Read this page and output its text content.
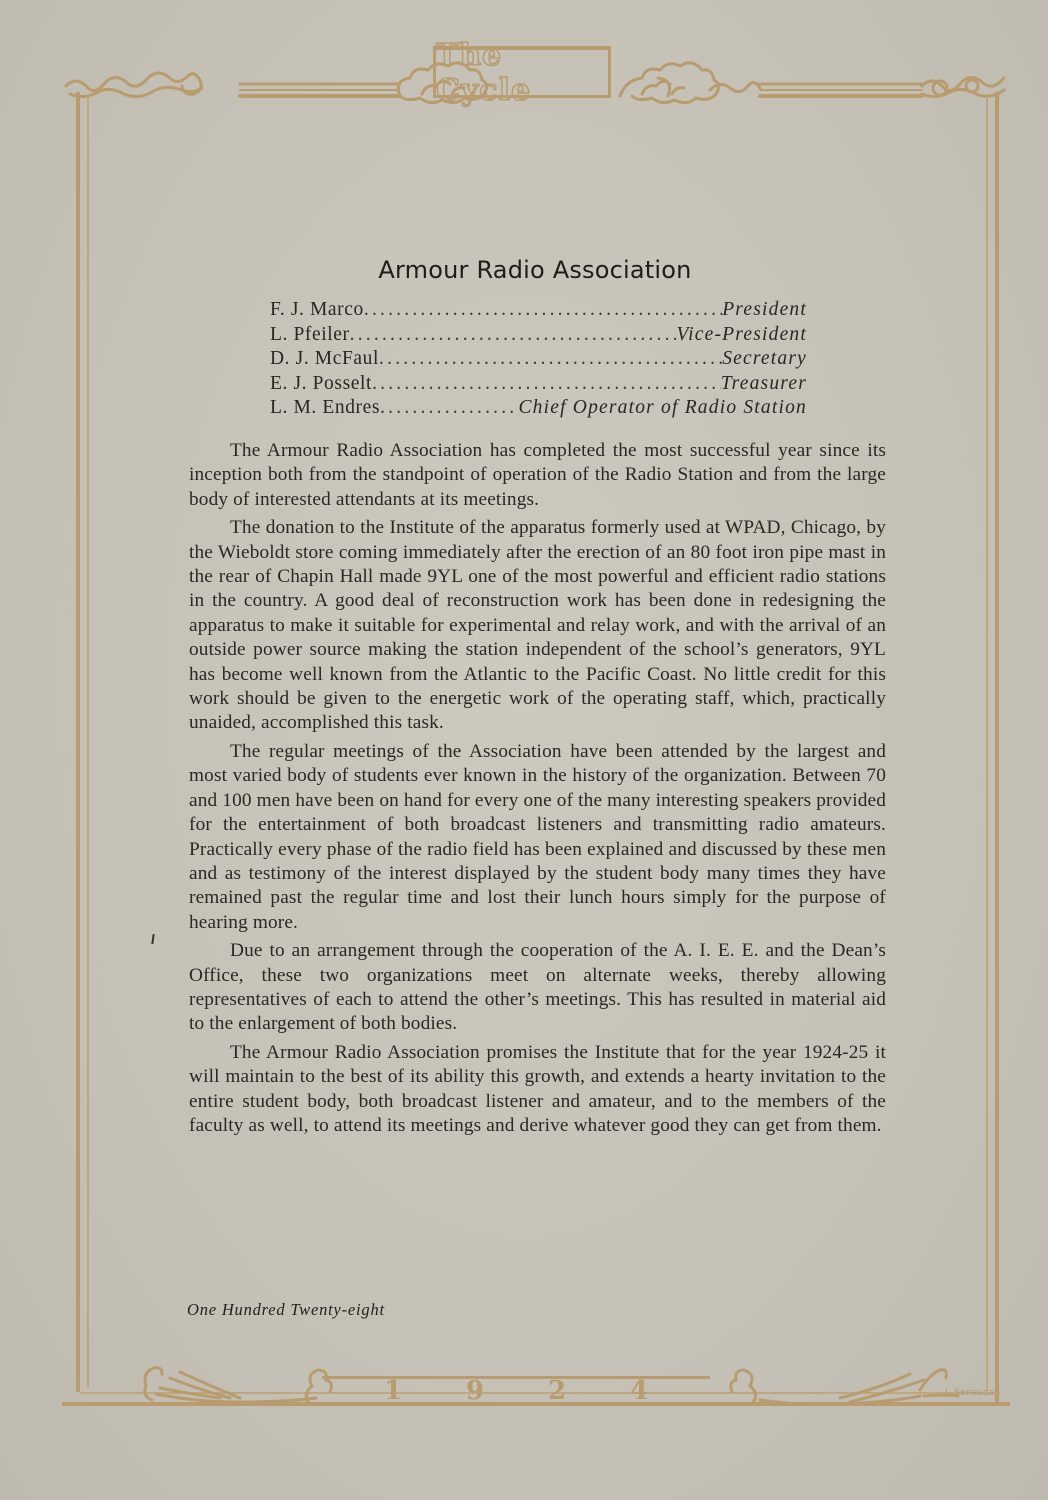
The Cycle
1 9 2 4	J. Senescall
Armour Radio Association
F. J. Marco .....	President
L. Pfeiler .....	Vice-President
D. J. McFaul .....	Secretary
E. J. Posselt .....	Treasurer
L. M. Endres .....	Chief Operator of Radio Station

The Armour Radio Association has completed the most successful year since its inception both from the standpoint of operation of the Radio Station and from the large body of interested attendants at its meetings.

The donation to the Institute of the apparatus formerly used at WPAD, Chicago, by the Wieboldt store coming immediately after the erection of an 80 foot iron pipe mast in the rear of Chapin Hall made 9YL one of the most powerful and efficient radio stations in the country. A good deal of reconstruction work has been done in redesigning the apparatus to make it suitable for experimental and relay work, and with the arrival of an outside power source making the station independent of the school’s generators, 9YL has become well known from the Atlantic to the Pacific Coast. No little credit for this work should be given to the energetic work of the operating staff, which, practically unaided, accomplished this task.

The regular meetings of the Association have been attended by the largest and most varied body of students ever known in the history of the organization. Between 70 and 100 men have been on hand for every one of the many interesting speakers provided for the entertainment of both broadcast listeners and transmitting radio amateurs. Practically every phase of the radio field has been explained and discussed by these men and as testimony of the interest displayed by the student body many times they have remained past the regular time and lost their lunch hours simply for the purpose of hearing more.

Due to an arrangement through the cooperation of the A. I. E. E. and the Dean’s Office, these two organizations meet on alternate weeks, thereby allowing representatives of each to attend the other’s meetings. This has resulted in material aid to the enlargement of both bodies.

The Armour Radio Association promises the Institute that for the year 1924-25 it will maintain to the best of its ability this growth, and extends a hearty invitation to the entire student body, both broadcast listener and amateur, and to the members of the faculty as well, to attend its meetings and derive whatever good they can get from them.

One Hundred Twenty-eight
